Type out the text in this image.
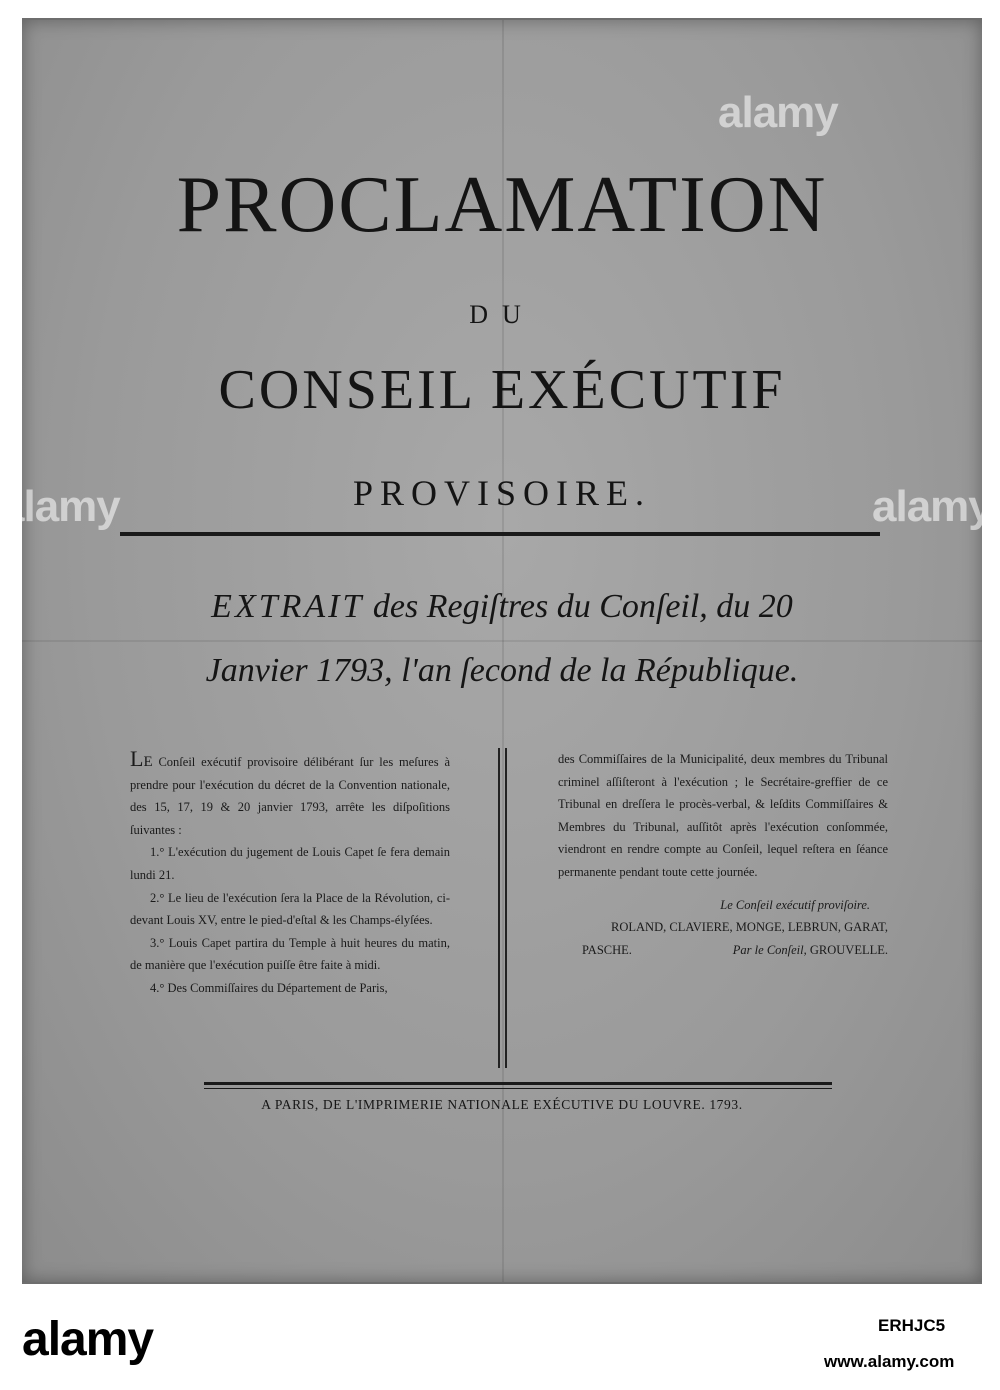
PROCLAMATION
DU
CONSEIL EXÉCUTIF
PROVISOIRE.
EXTRAIT des Regiſtres du Conſeil, du 20
Janvier 1793, l'an ſecond de la République.

Le Conſeil exécutif provisoire délibérant ſur les meſures à prendre pour l'exécution du décret de la Convention nationale, des 15, 17, 19 & 20 janvier 1793, arrête les diſpoſitions ſuivantes :

1.° L'exécution du jugement de Louis Capet ſe fera demain lundi 21.

2.° Le lieu de l'exécution ſera la Place de la Révolution, ci-devant Louis XV, entre le pied-d'eſtal & les Champs-élyſées.

3.° Louis Capet partira du Temple à huit heures du matin, de manière que l'exécution puiſſe être faite à midi.

4.° Des Commiſſaires du Département de Paris,

des Commiſſaires de la Municipalité, deux membres du Tribunal criminel aſſiſteront à l'exécution ; le Secrétaire-greffier de ce Tribunal en dreſſera le procès-verbal, & leſdits Commiſſaires & Membres du Tribunal, auſſitôt après l'exécution conſommée, viendront en rendre compte au Conſeil, lequel reſtera en ſéance permanente pendant toute cette journée.

Le Conſeil exécutif proviſoire.

ROLAND, CLAVIERE, MONGE, LEBRUN, GARAT,

PASCHE.	Par le Conſeil, GROUVELLE.
A PARIS, DE L'IMPRIMERIE NATIONALE EXÉCUTIVE DU LOUVRE. 1793.
alamy
alamy	alamy
alamy	ERHJC5
www.alamy.com
